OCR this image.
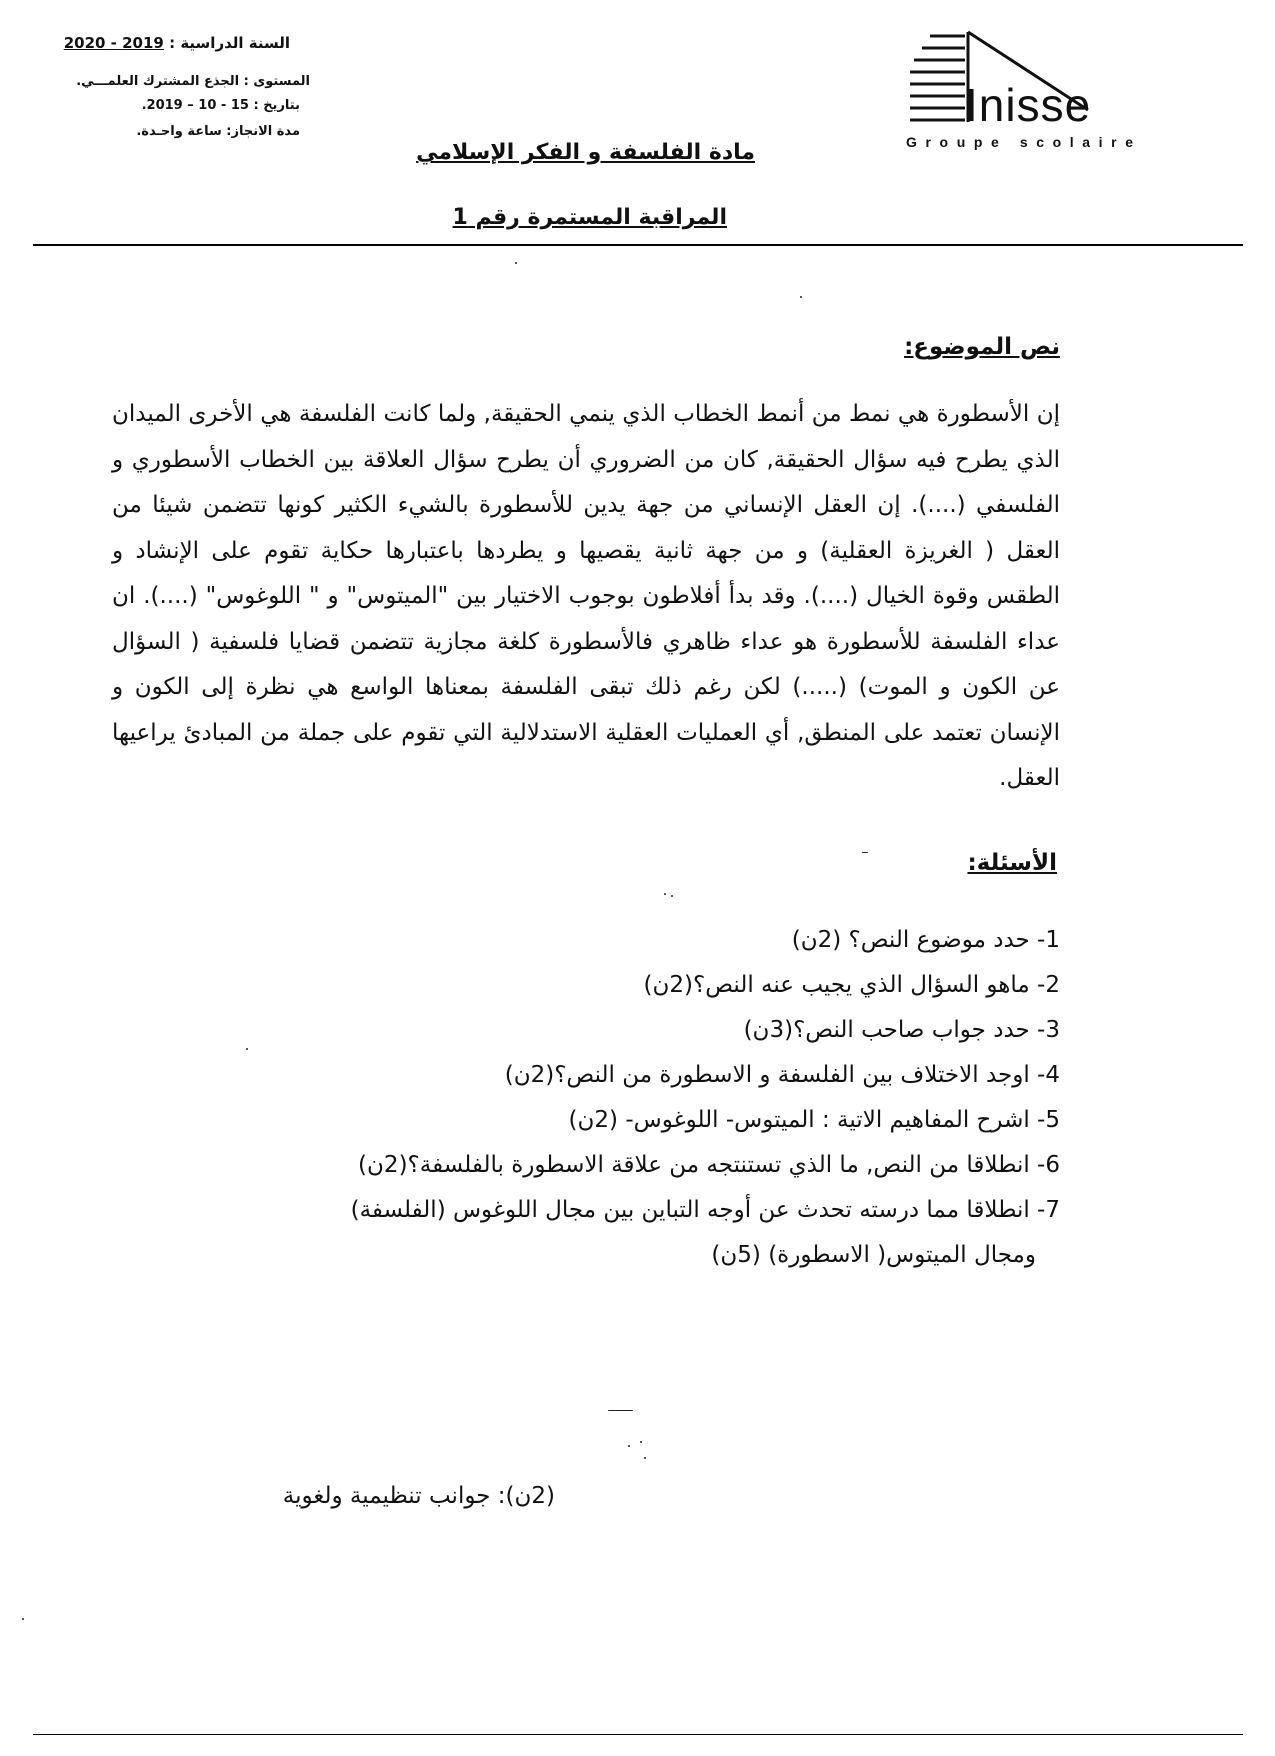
السنة الدراسية : 2019 - 2020
المستوى : الجذع المشترك العلمـــي.
بتاريخ : 15 - 10 – 2019.
مدة الانجاز: ساعة واحـدة.
Inisse
Groupe scolaire
مادة الفلسفة و الفكر الإسلامي
المراقبة المستمرة رقم 1
نص الموضوع:

إن الأسطورة هي نمط من أنمط الخطاب الذي ينمي الحقيقة, ولما كانت الفلسفة هي الأخرى الميدان الذي يطرح فيه سؤال الحقيقة, كان من الضروري أن يطرح سؤال العلاقة بين الخطاب الأسطوري و الفلسفي (....). إن العقل الإنساني من جهة يدين للأسطورة بالشيء الكثير كونها تتضمن شيئا من العقل ( الغريزة العقلية) و من جهة ثانية يقصيها و يطردها باعتبارها حكاية تقوم على الإنشاد و الطقس وقوة الخيال (....). وقد بدأ أفلاطون بوجوب الاختيار بين "الميتوس" و " اللوغوس" (....). ان عداء الفلسفة للأسطورة هو عداء ظاهري فالأسطورة كلغة مجازية تتضمن قضايا فلسفية ( السؤال عن الكون و الموت) (.....) لكن رغم ذلك تبقى الفلسفة بمعناها الواسع هي نظرة إلى الكون و الإنسان تعتمد على المنطق, أي العمليات العقلية الاستدلالية التي تقوم على جملة من المبادئ يراعيها العقل.

الأسئلة:
1- حدد موضوع النص؟ (2ن)
2- ماهو السؤال الذي يجيب عنه النص؟(2ن)
3- حدد جواب صاحب النص؟(3ن)
4- اوجد الاختلاف بين الفلسفة و الاسطورة من النص؟(2ن)
5- اشرح المفاهيم الاتية : الميتوس- اللوغوس- (2ن)
6- انطلاقا من النص, ما الذي تستنتجه من علاقة الاسطورة بالفلسفة؟(2ن)
7- انطلاقا مما درسته تحدث عن أوجه التباين بين مجال اللوغوس (الفلسفة)
ومجال الميتوس( الاسطورة) (5ن)
(2ن): جوانب تنظيمية ولغوية
